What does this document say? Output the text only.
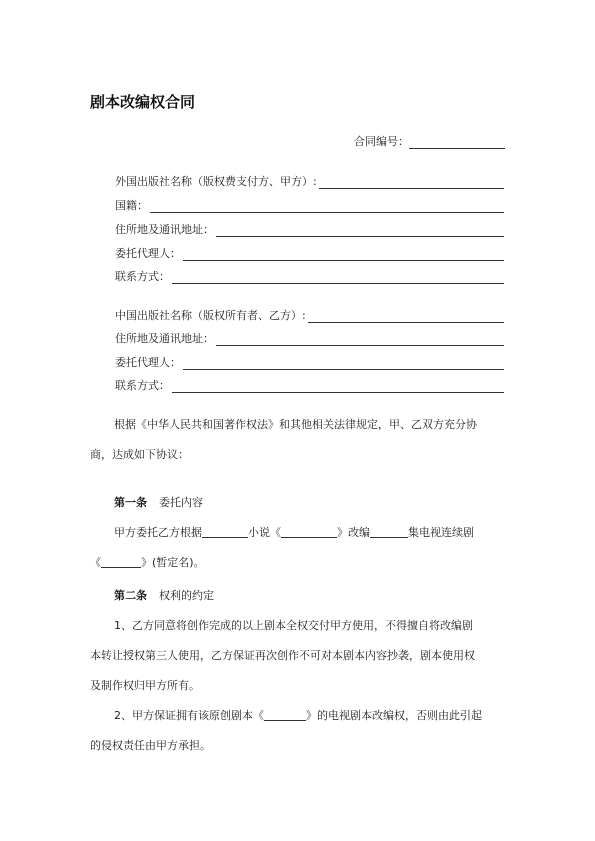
剧本改编权合同
合同编号：
外国出版社名称（版权费支付方、甲方）:
国籍：
住所地及通讯地址：
委托代理人：
联系方式：
中国出版社名称（版权所有者、乙方）:
住所地及通讯地址：
委托代理人：
联系方式：
根据《中华人民共和国著作权法》和其他相关法律规定，甲、乙双方充分协
商，达成如下协议：
第一条 委托内容
甲方委托乙方根据	小说《	》改编	集电视连续剧
《	》(暂定名)。
第二条 权利的约定
1、乙方同意将创作完成的以上剧本全权交付甲方使用，不得擅自将改编剧
本转让授权第三人使用，乙方保证再次创作不可对本剧本内容抄袭，剧本使用权
及制作权归甲方所有。
2、甲方保证拥有该原创剧本《	》的电视剧本改编权，否则由此引起
的侵权责任由甲方承担。
